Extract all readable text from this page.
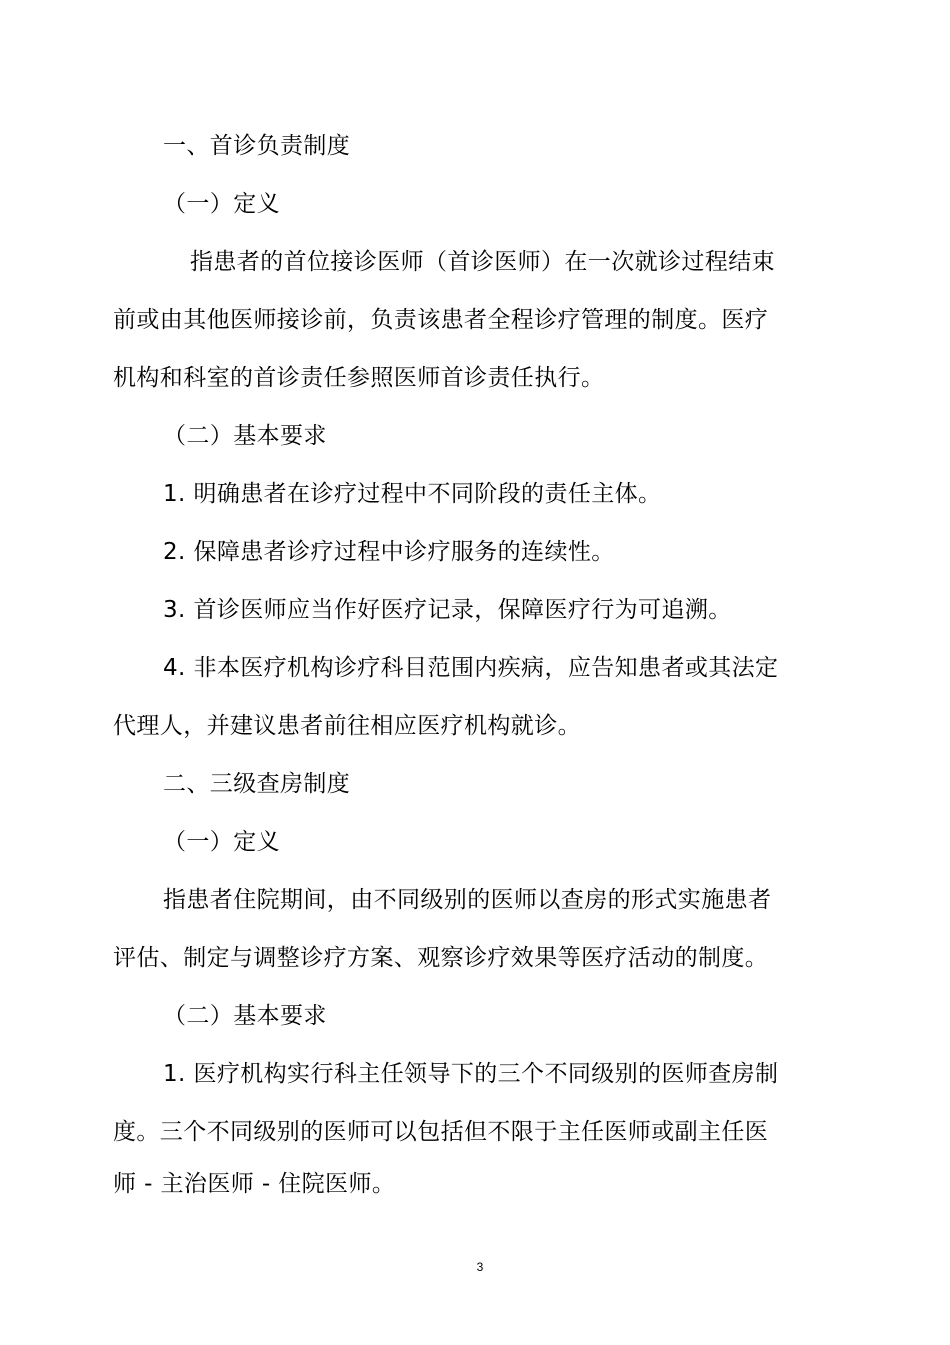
一、首诊负责制度
（一）定义
指患者的首位接诊医师（首诊医师）在一次就诊过程结束
前或由其他医师接诊前，负责该患者全程诊疗管理的制度。医疗
机构和科室的首诊责任参照医师首诊责任执行。
（二）基本要求
1. 明确患者在诊疗过程中不同阶段的责任主体。
2. 保障患者诊疗过程中诊疗服务的连续性。
3. 首诊医师应当作好医疗记录，保障医疗行为可追溯。
4. 非本医疗机构诊疗科目范围内疾病，应告知患者或其法定
代理人，并建议患者前往相应医疗机构就诊。
二、三级查房制度
（一）定义
指患者住院期间，由不同级别的医师以查房的形式实施患者
评估、制定与调整诊疗方案、观察诊疗效果等医疗活动的制度。
（二）基本要求
1. 医疗机构实行科主任领导下的三个不同级别的医师查房制
度。三个不同级别的医师可以包括但不限于主任医师或副主任医
师 - 主治医师 - 住院医师。
3
